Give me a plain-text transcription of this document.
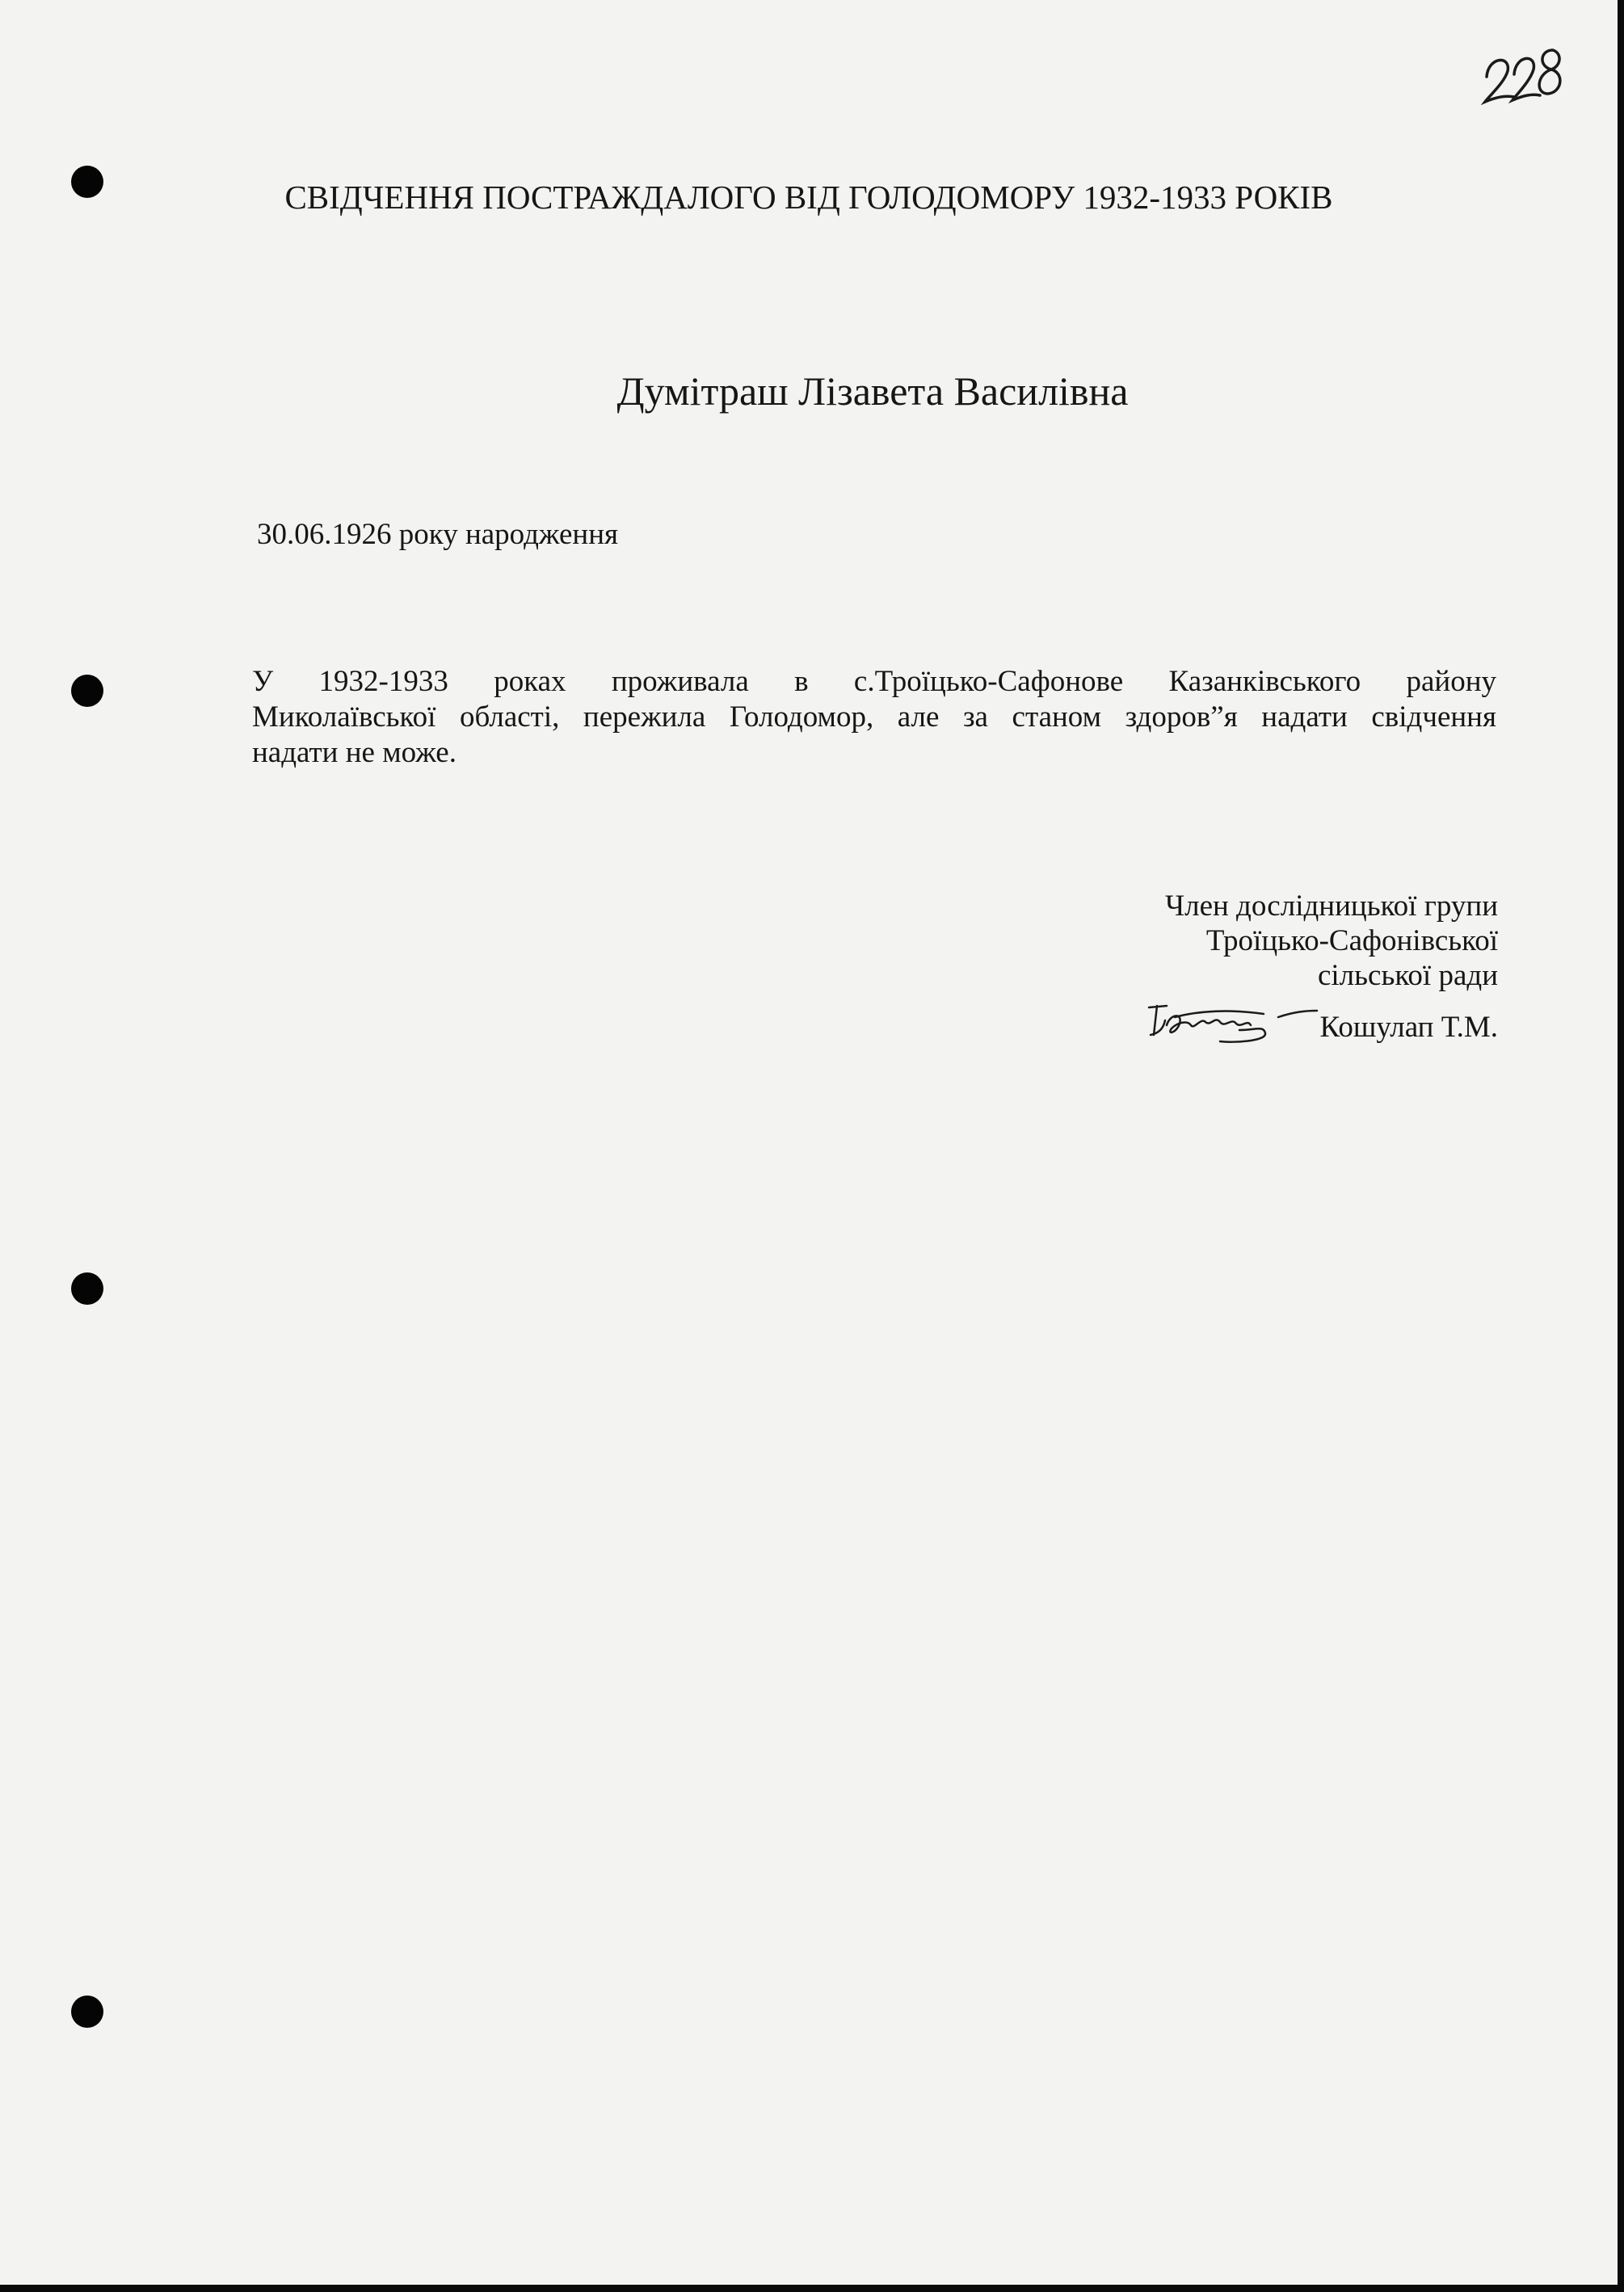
СВІДЧЕННЯ ПОСТРАЖДАЛОГО ВІД ГОЛОДОМОРУ 1932-1933 РОКІВ
Думітраш Лізавета Василівна
30.06.1926 року народження
У 1932-1933 роках проживала в с.Троїцько-Сафонове Казанківського району
Миколаївської області, пережила Голодомор, але за станом здоров”я надати свідчення
надати не може.
Член дослідницької групи
Троїцько-Сафонівської
сільської ради
Кошулап Т.М.
